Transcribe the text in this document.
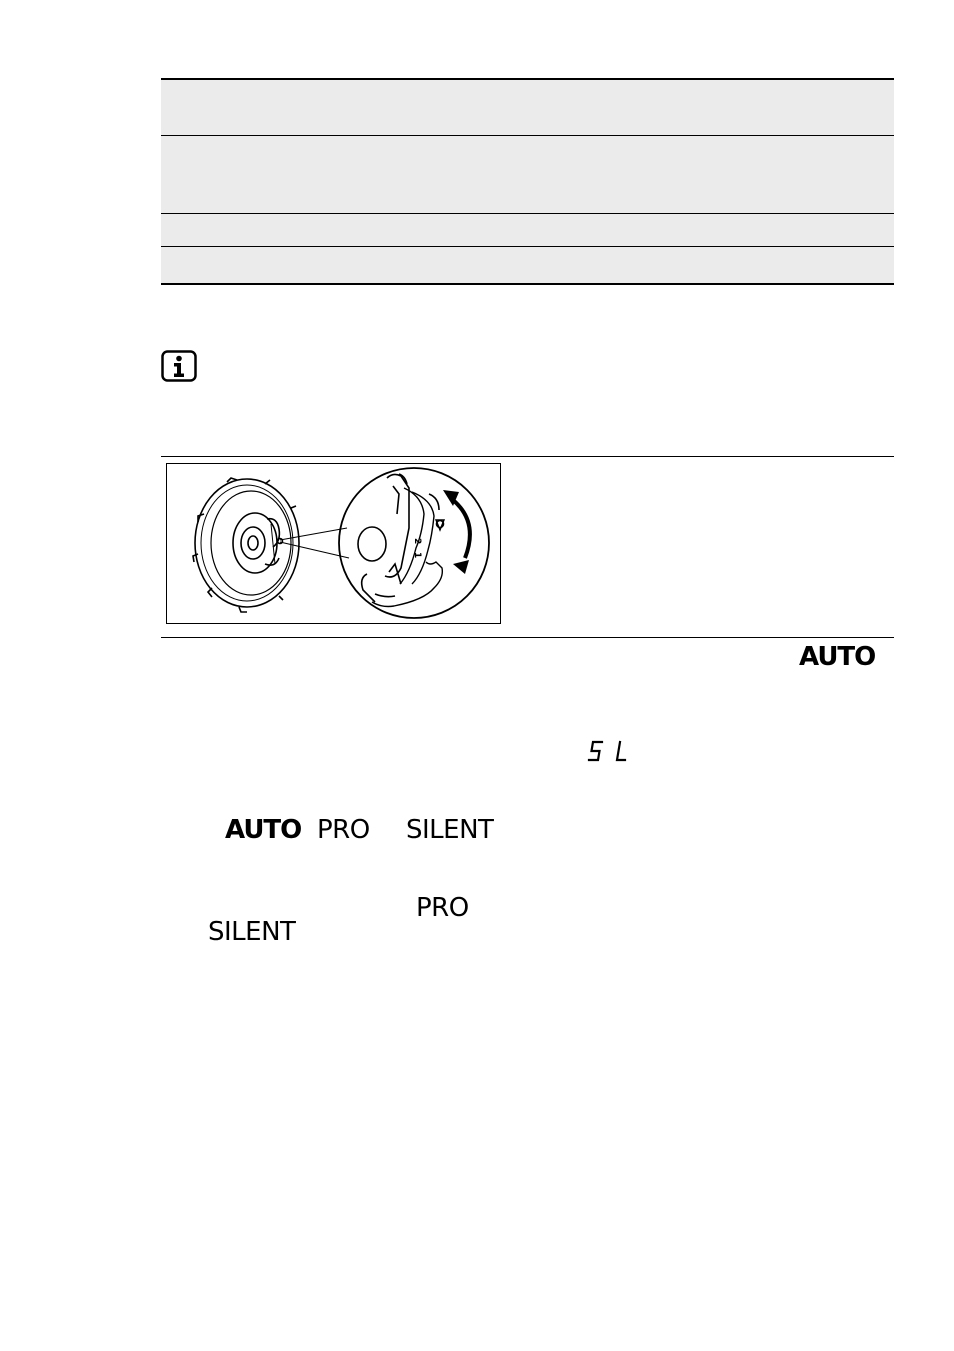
2
1
AUTO
AUTO PRO SILENT
PRO
SILENT
